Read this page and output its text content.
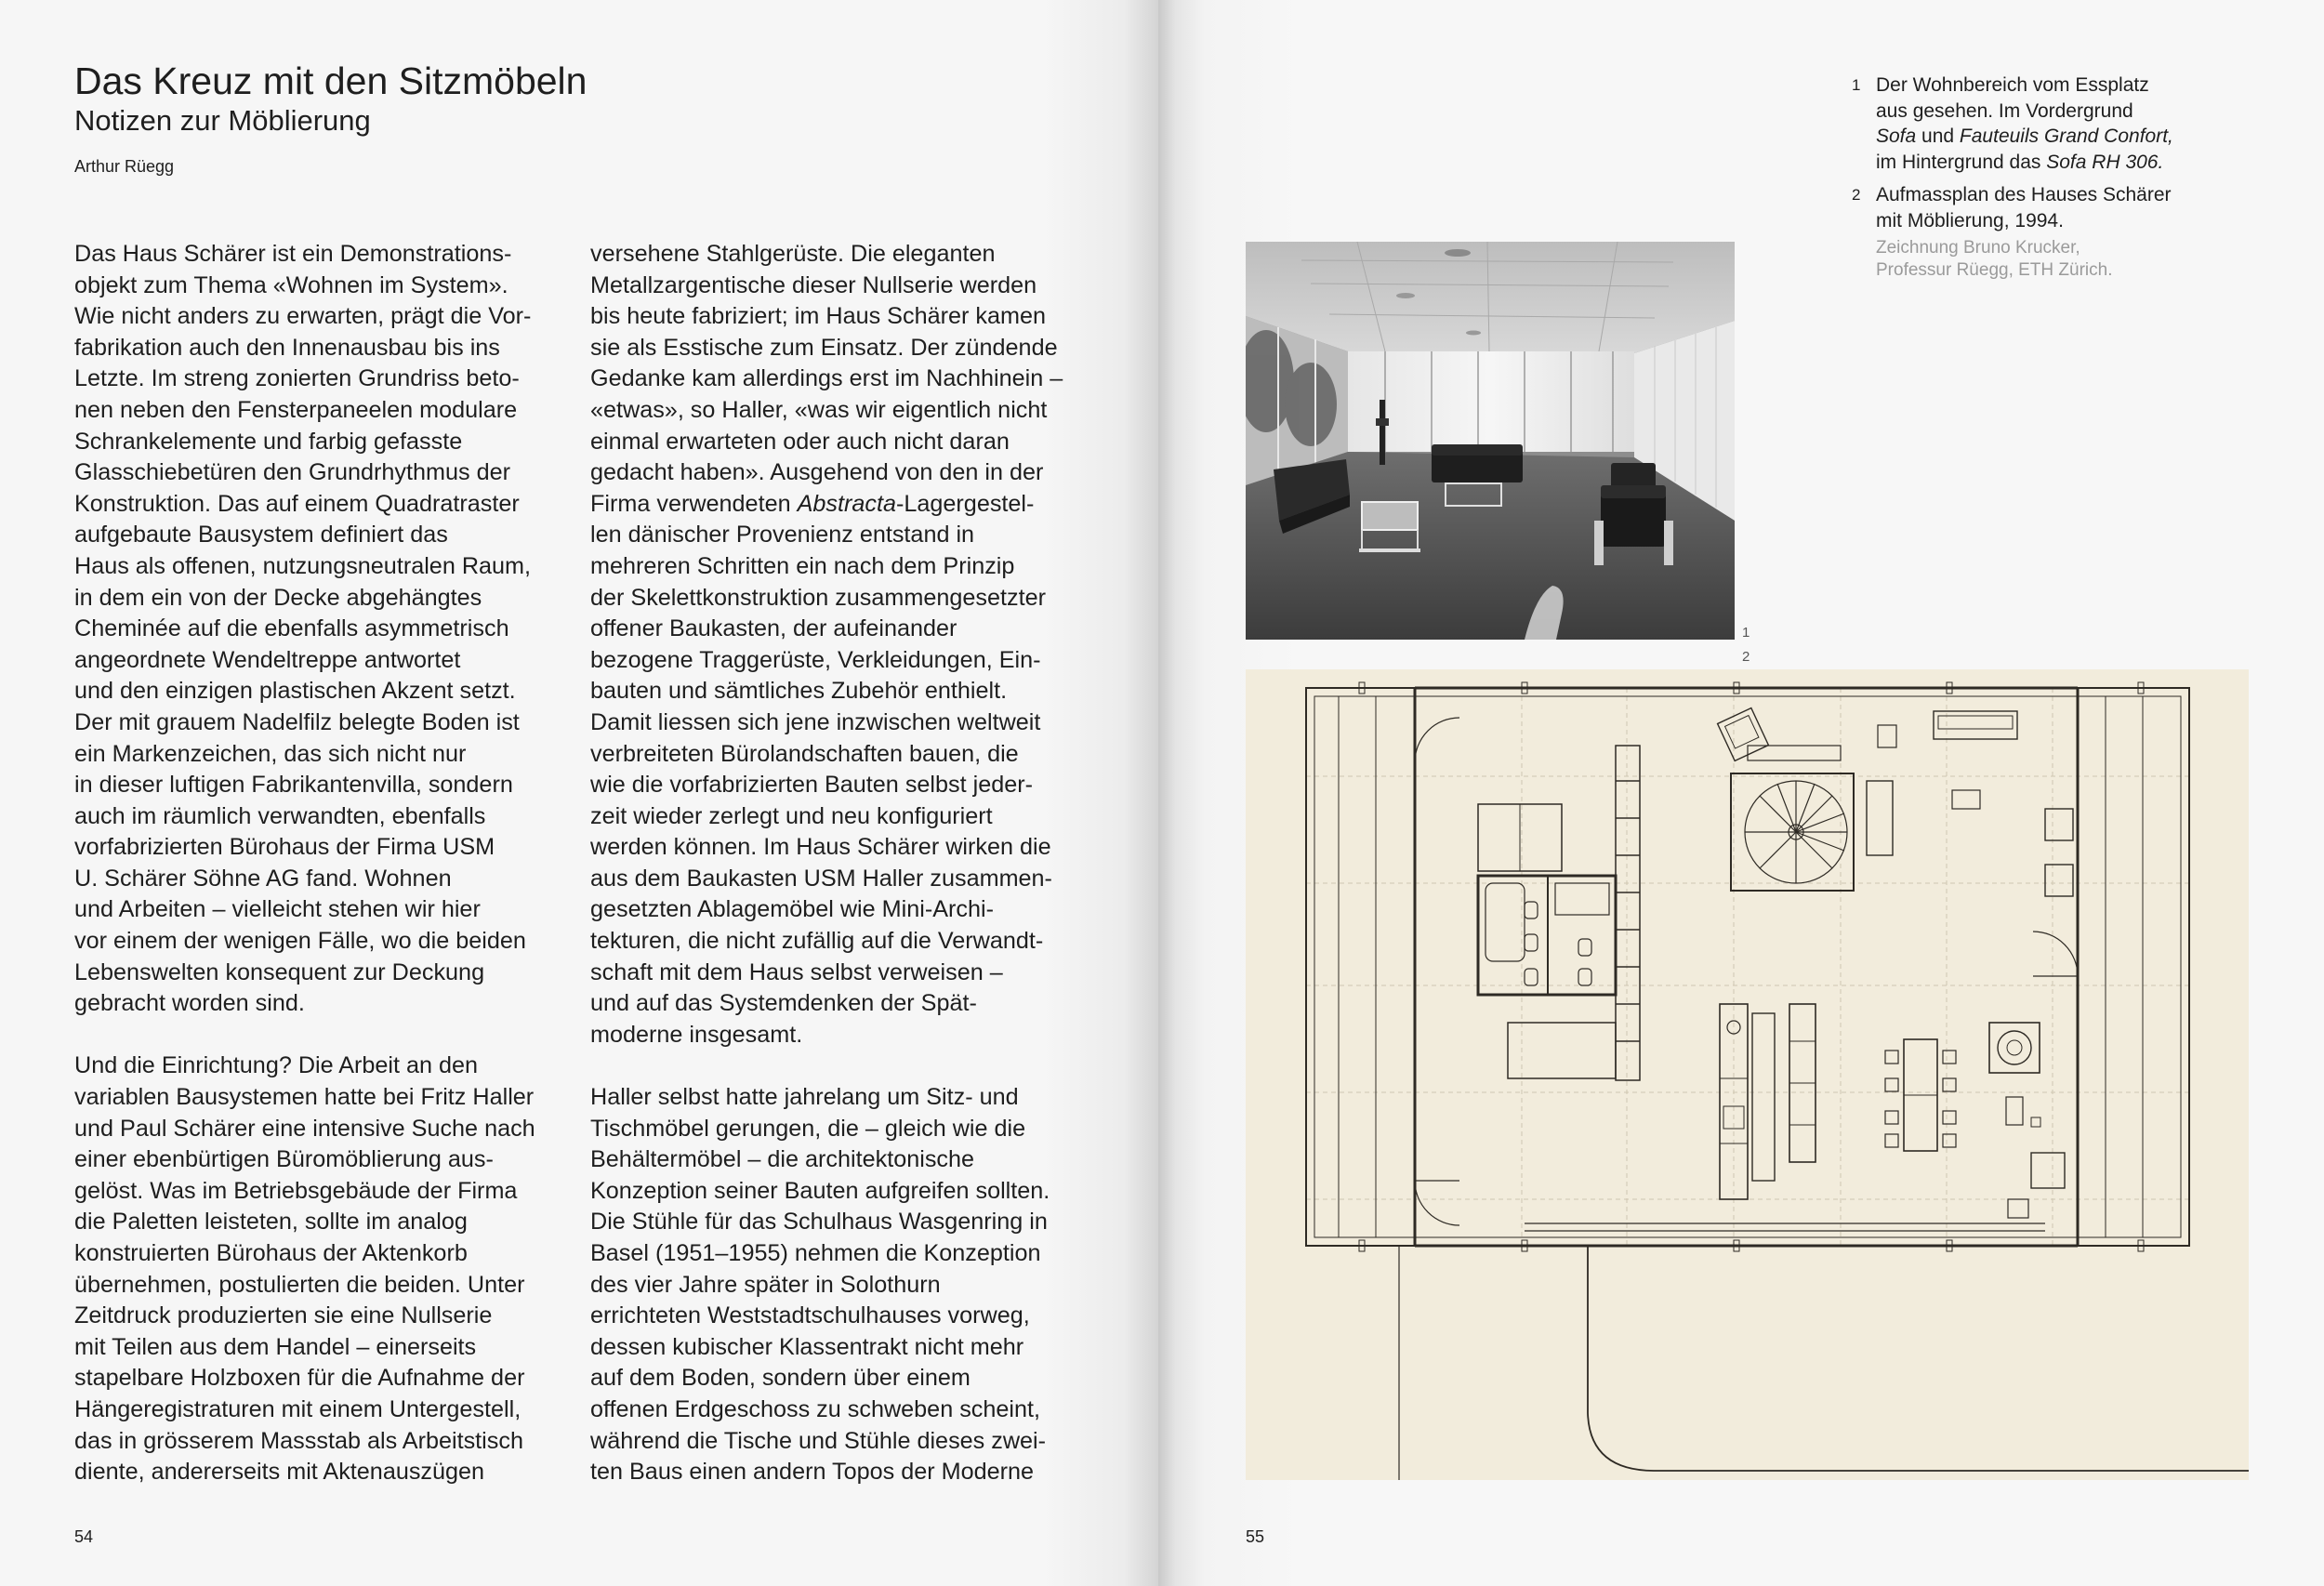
Das Kreuz mit den Sitzmöbeln
Notizen zur Möblierung
Arthur Rüegg

Das Haus Schärer ist ein Demonstrations-
objekt zum Thema «Wohnen im System».
Wie nicht anders zu erwarten, prägt die Vor-
fabrikation auch den Innenausbau bis ins
Letzte. Im streng zonierten Grundriss beto-
nen neben den Fensterpaneelen modulare
Schrankelemente und farbig gefasste
Glasschiebetüren den Grundrhythmus der
Konstruktion. Das auf einem Quadratraster
aufgebaute Bausystem definiert das
Haus als offenen, nutzungsneutralen Raum,
in dem ein von der Decke abgehängtes
Cheminée auf die ebenfalls asymmetrisch
angeordnete Wendeltreppe antwortet
und den einzigen plastischen Akzent setzt.
Der mit grauem Nadelfilz belegte Boden ist
ein Markenzeichen, das sich nicht nur
in dieser luftigen Fabrikantenvilla, sondern
auch im räumlich verwandten, ebenfalls
vorfabrizierten Bürohaus der Firma USM
U. Schärer Söhne AG fand. Wohnen
und Arbeiten – vielleicht stehen wir hier
vor einem der wenigen Fälle, wo die beiden
Lebenswelten konsequent zur Deckung
gebracht worden sind.

Und die Einrichtung? Die Arbeit an den
variablen Bausystemen hatte bei Fritz Haller
und Paul Schärer eine intensive Suche nach
einer ebenbürtigen Büromöblierung aus-
gelöst. Was im Betriebsgebäude der Firma
die Paletten leisteten, sollte im analog
konstruierten Bürohaus der Aktenkorb
übernehmen, postulierten die beiden. Unter
Zeitdruck produzierten sie eine Nullserie
mit Teilen aus dem Handel – einerseits
stapelbare Holzboxen für die Aufnahme der
Hängeregistraturen mit einem Untergestell,
das in grösserem Massstab als Arbeitstisch
diente, andererseits mit Aktenauszügen

versehene Stahlgerüste. Die eleganten
Metallzargentische dieser Nullserie werden
bis heute fabriziert; im Haus Schärer kamen
sie als Esstische zum Einsatz. Der zündende
Gedanke kam allerdings erst im Nachhinein –
«etwas», so Haller, «was wir eigentlich nicht
einmal erwarteten oder auch nicht daran
gedacht haben». Ausgehend von den in der
Firma verwendeten Abstracta-Lagergestel-
len dänischer Provenienz entstand in
mehreren Schritten ein nach dem Prinzip
der Skelettkonstruktion zusammengesetzter
offener Baukasten, der aufeinander
bezogene Traggerüste, Verkleidungen, Ein-
bauten und sämtliches Zubehör enthielt.
Damit liessen sich jene inzwischen weltweit
verbreiteten Bürolandschaften bauen, die
wie die vorfabrizierten Bauten selbst jeder-
zeit wieder zerlegt und neu konfiguriert
werden können. Im Haus Schärer wirken die
aus dem Baukasten USM Haller zusammen-
gesetzten Ablagemöbel wie Mini-Archi-
tekturen, die nicht zufällig auf die Verwandt-
schaft mit dem Haus selbst verweisen –
und auf das Systemdenken der Spät-
moderne insgesamt.

Haller selbst hatte jahrelang um Sitz- und
Tischmöbel gerungen, die – gleich wie die
Behältermöbel – die architektonische
Konzeption seiner Bauten aufgreifen sollten.
Die Stühle für das Schulhaus Wasgenring in
Basel (1951–1955) nehmen die Konzeption
des vier Jahre später in Solothurn
errichteten Weststadtschulhauses vorweg,
dessen kubischer Klassentrakt nicht mehr
auf dem Boden, sondern über einem
offenen Erdgeschoss zu schweben scheint,
während die Tische und Stühle dieses zwei-
ten Baus einen andern Topos der Moderne

54
1 Der Wohnbereich vom Essplatz
aus gesehen. Im Vordergrund
Sofa und Fauteuils Grand Confort,
im Hintergrund das Sofa RH 306.
2 Aufmassplan des Hauses Schärer
mit Möblierung, 1994.
Zeichnung Bruno Krucker,
Professur Rüegg, ETH Zürich.
1
2
55
